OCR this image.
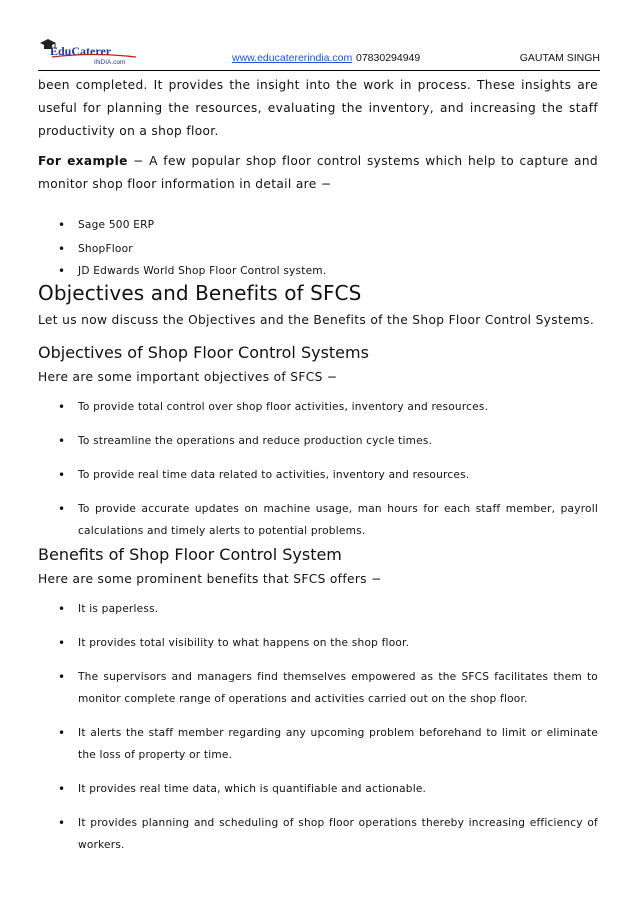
EduCaterer
INDIA.com	www.educatererindia.com 07830294949	GAUTAM SINGH

been completed. It provides the insight into the work in process. These insights are useful for planning the resources, evaluating the inventory, and increasing the staff productivity on a shop floor.

For example − A few popular shop floor control systems which help to capture and monitor shop floor information in detail are −

• Sage 500 ERP
• ShopFloor
• JD Edwards World Shop Floor Control system.
Objectives and Benefits of SFCS

Let us now discuss the Objectives and the Benefits of the Shop Floor Control Systems.

Objectives of Shop Floor Control Systems

Here are some important objectives of SFCS −

• To provide total control over shop floor activities, inventory and resources.
• To streamline the operations and reduce production cycle times.
• To provide real time data related to activities, inventory and resources.
• To provide accurate updates on machine usage, man hours for each staff member, payroll calculations and timely alerts to potential problems.
Benefits of Shop Floor Control System

Here are some prominent benefits that SFCS offers −

• It is paperless.
• It provides total visibility to what happens on the shop floor.
• The supervisors and managers find themselves empowered as the SFCS facilitates them to monitor complete range of operations and activities carried out on the shop floor.
• It alerts the staff member regarding any upcoming problem beforehand to limit or eliminate the loss of property or time.
• It provides real time data, which is quantifiable and actionable.
• It provides planning and scheduling of shop floor operations thereby increasing efficiency of workers.
